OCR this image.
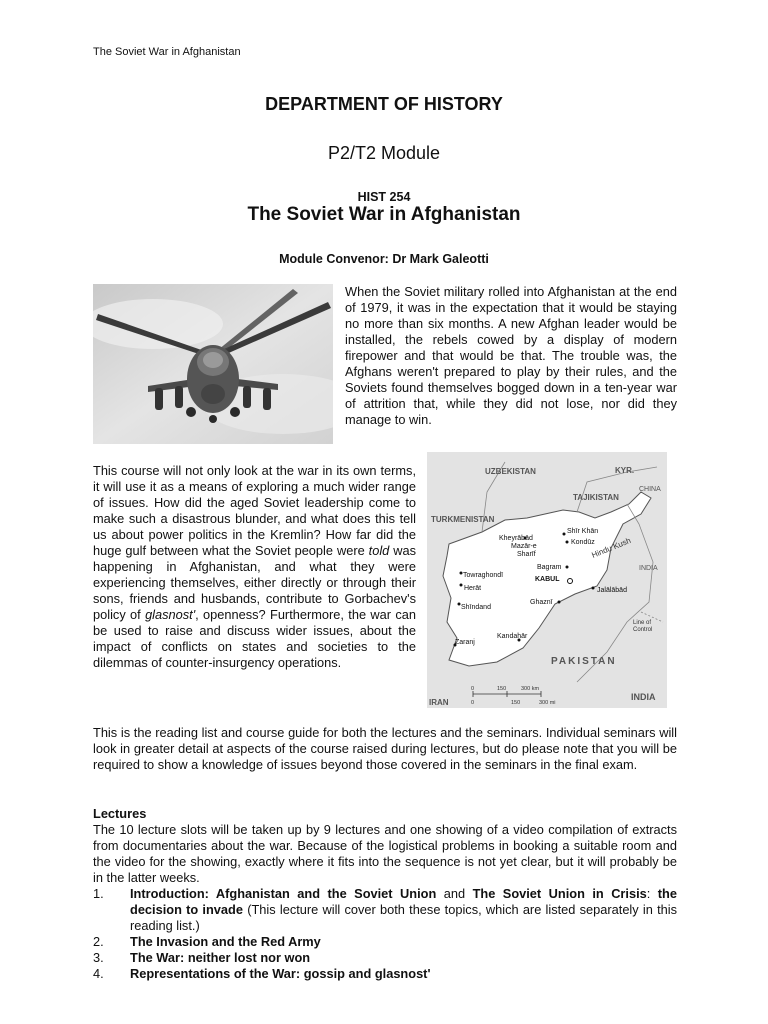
The Soviet War in Afghanistan
DEPARTMENT OF HISTORY
P2/T2 Module
HIST 254
The Soviet War in Afghanistan
Module Convenor: Dr Mark Galeotti
When the Soviet military rolled into Afghanistan at the end of 1979, it was in the expectation that it would be staying no more than six months. A new Afghan leader would be installed, the rebels cowed by a display of modern firepower and that would be that. The trouble was, the Afghans weren't prepared to play by their rules, and the Soviets found themselves bogged down in a ten-year war of attrition that, while they did not lose, nor did they manage to win.
This course will not only look at the war in its own terms, it will use it as a means of exploring a much wider range of issues. How did the aged Soviet leadership come to make such a disastrous blunder, and what does this tell us about power politics in the Kremlin? How far did the huge gulf between what the Soviet people were told was happening in Afghanistan, and what they were experiencing themselves, either directly or through their sons, friends and husbands, contribute to Gorbachev's policy of glasnost', openness? Furthermore, the war can be used to raise and discuss wider issues, about the impact of conflicts on states and societies to the dilemmas of counter-insurgency operations.
UZBEKISTAN	KYR.
TAJIKISTAN
CHINA
TURKMENISTAN
INDIA
PAKISTAN
INDIA
IRAN
Kheyrābād
Mazār-e
Sharīf
Shīr Khān
Kondūz
Bagram
KABUL
Jalālābād
Towraghondī
Herāt
Shīndand
Ghaznī
Kandahār
Zaranj
Hindu Kush
Line of
Control
0	150	300 km
0	150	300 mi
This is the reading list and course guide for both the lectures and the seminars. Individual seminars will look in greater detail at aspects of the course raised during lectures, but do please note that you will be required to show a knowledge of issues beyond those covered in the seminars in the final exam.
Lectures
The 10 lecture slots will be taken up by 9 lectures and one showing of a video compilation of extracts from documentaries about the war. Because of the logistical problems in booking a suitable room and the video for the showing, exactly where it fits into the sequence is not yet clear, but it will probably be in the latter weeks.
1. Introduction: Afghanistan and the Soviet Union and The Soviet Union in Crisis: the decision to invade (This lecture will cover both these topics, which are listed separately in this reading list.)
2. The Invasion and the Red Army
3. The War: neither lost nor won
4. Representations of the War: gossip and glasnost'
